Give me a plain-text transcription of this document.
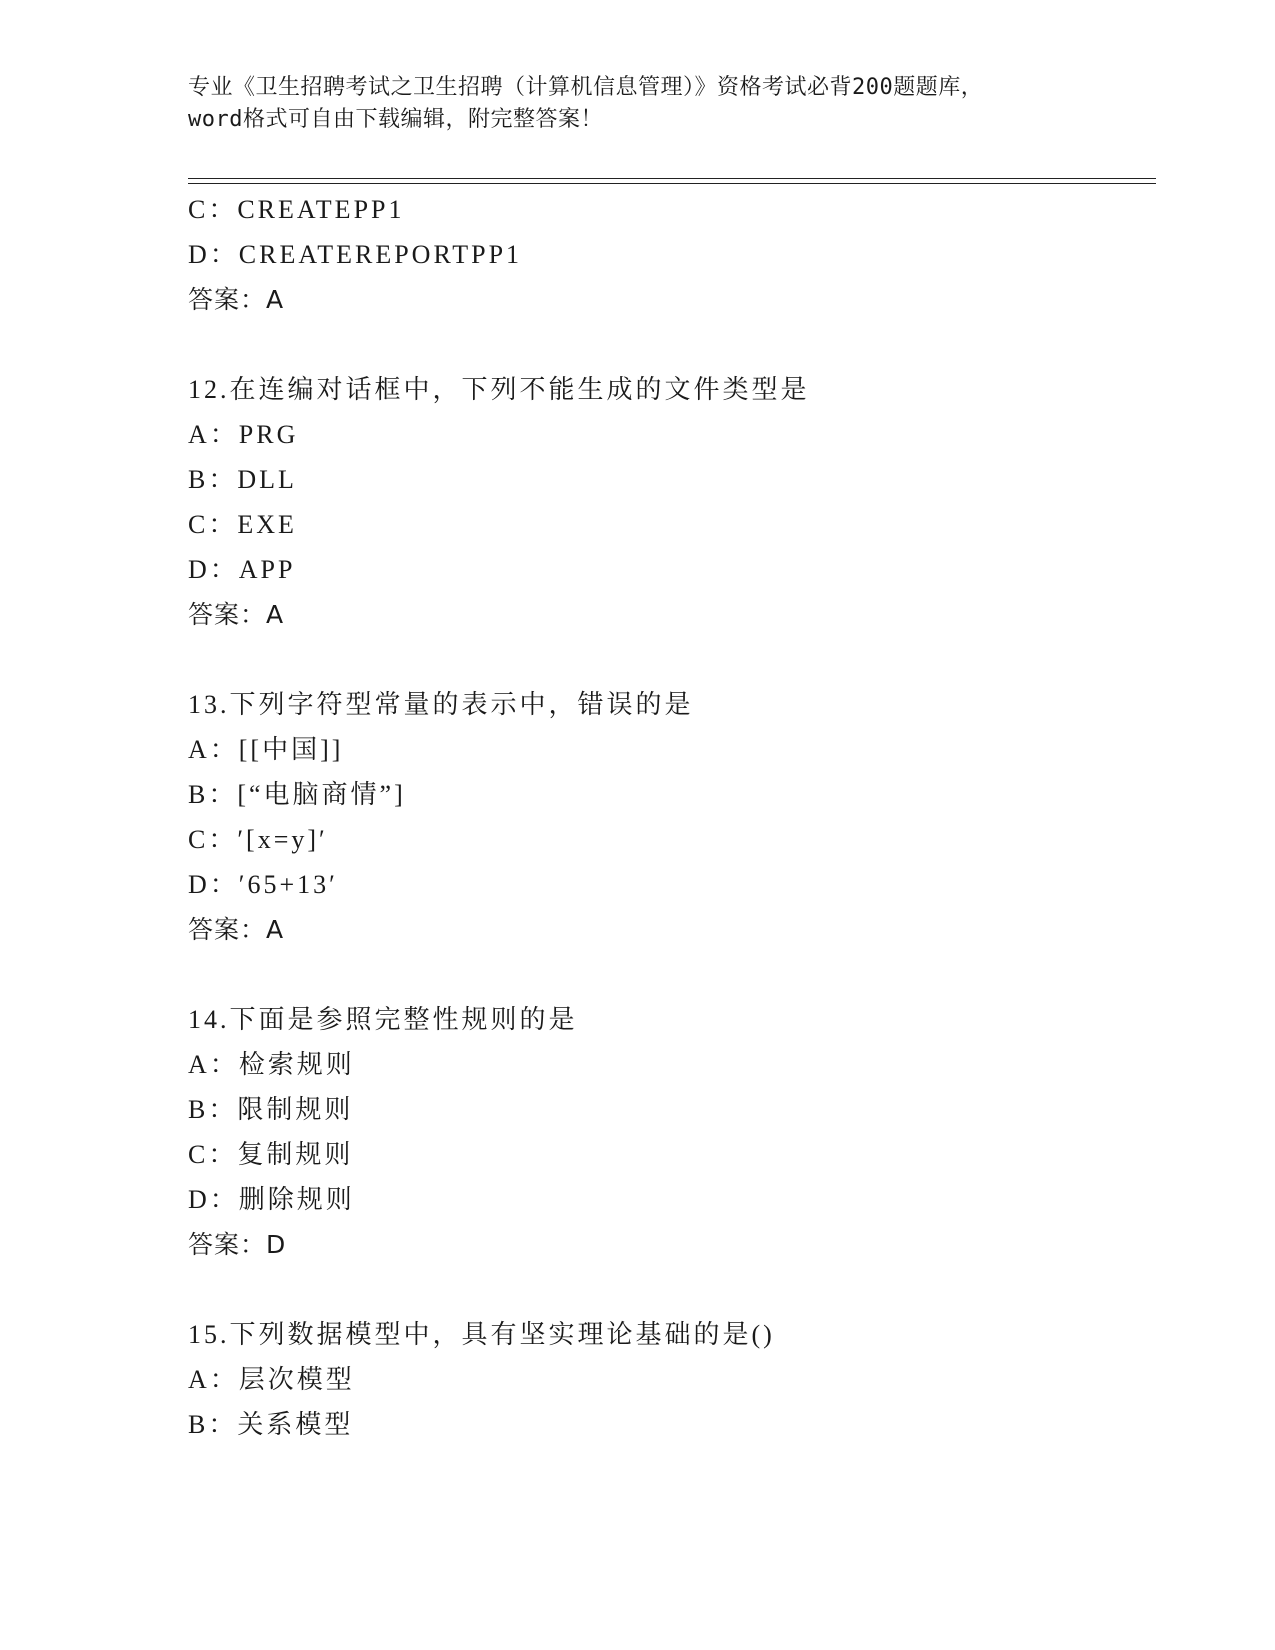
专业《卫生招聘考试之卫生招聘（计算机信息管理）》资格考试必背200题题库，
word格式可自由下载编辑，附完整答案！
C：CREATEPP1
D：CREATEREPORTPP1
答案：A
12.在连编对话框中，下列不能生成的文件类型是
A：PRG
B：DLL
C：EXE
D：APP
答案：A
13.下列字符型常量的表示中，错误的是
A：[[中国]]
B：[“电脑商情”]
C：′[x=y]′
D：′65+13′
答案：A
14.下面是参照完整性规则的是
A：检索规则
B：限制规则
C：复制规则
D：删除规则
答案：D
15.下列数据模型中，具有坚实理论基础的是()
A：层次模型
B：关系模型
